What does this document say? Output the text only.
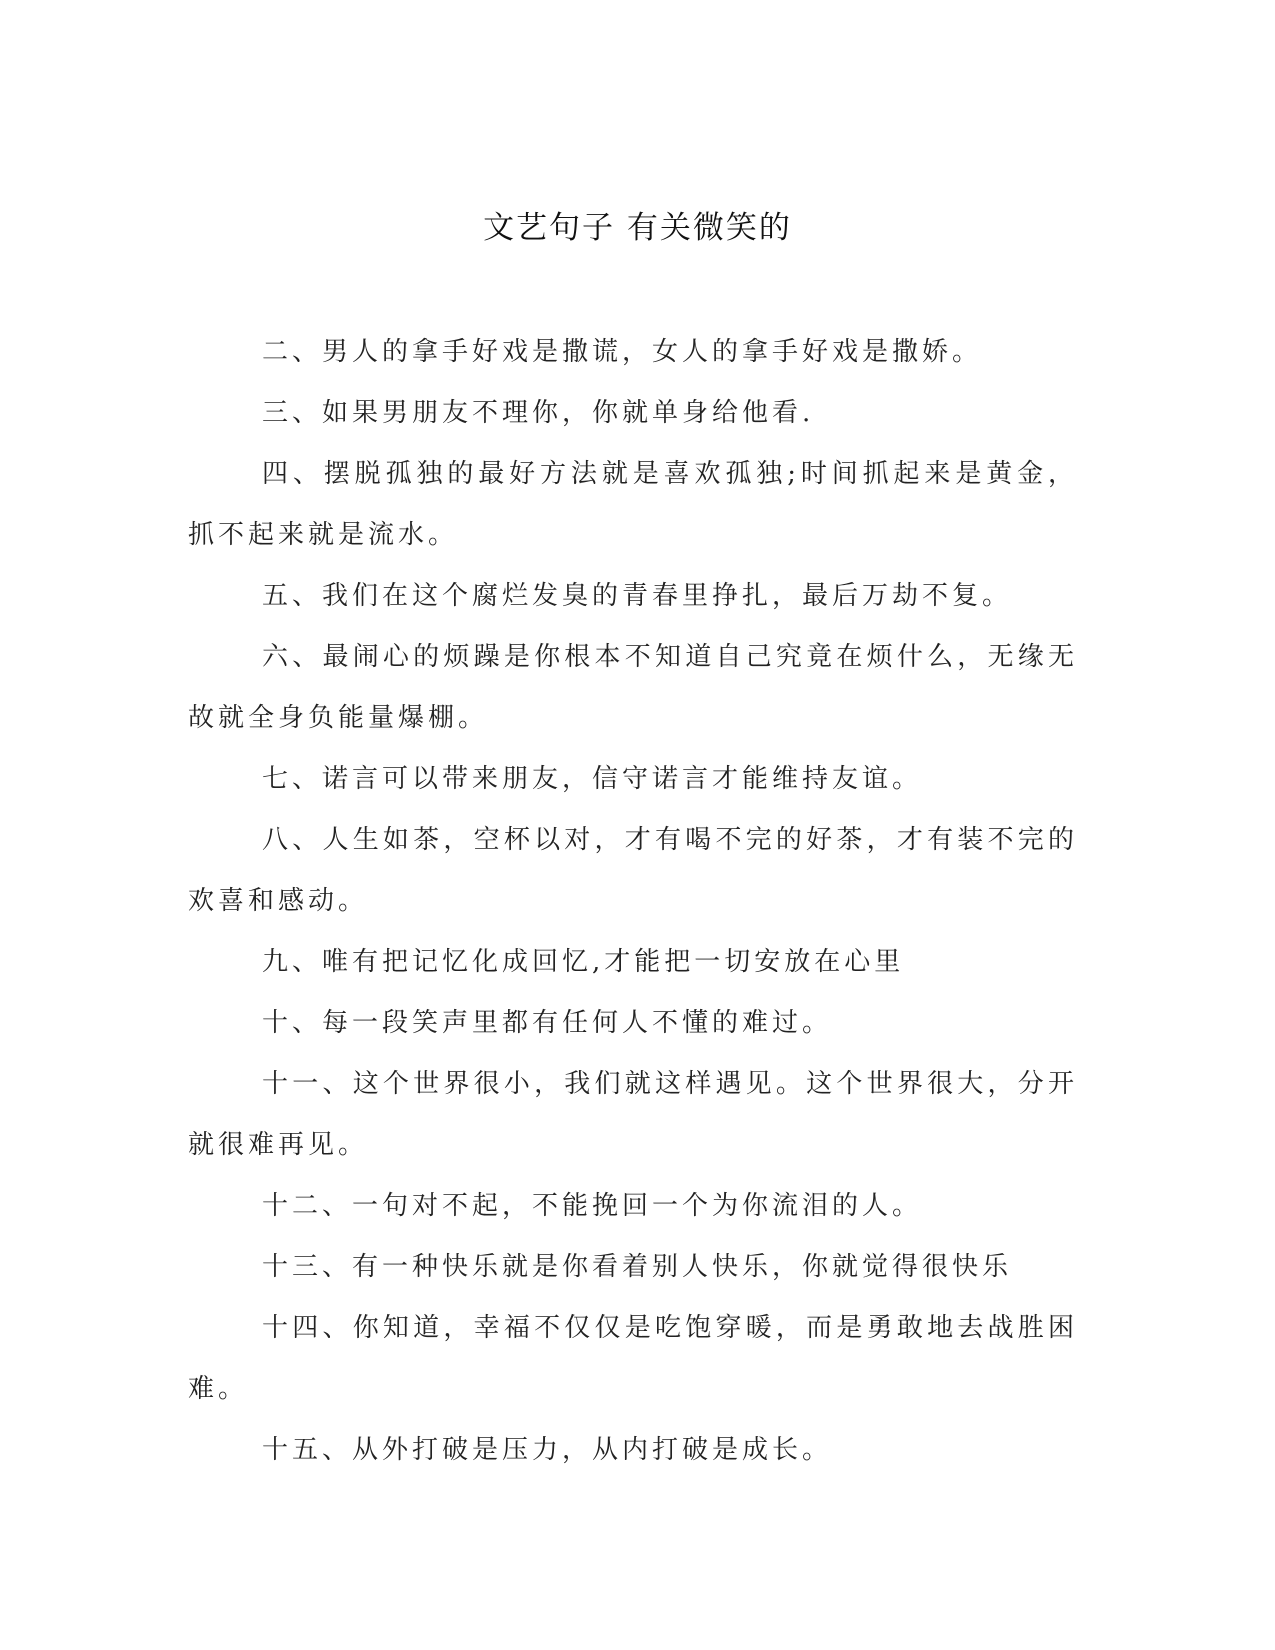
文艺句子 有关微笑的

二、男人的拿手好戏是撒谎，女人的拿手好戏是撒娇。

三、如果男朋友不理你，你就单身给他看.

四、摆脱孤独的最好方法就是喜欢孤独;时间抓起来是黄金，抓不起来就是流水。

五、我们在这个腐烂发臭的青春里挣扎，最后万劫不复。

六、最闹心的烦躁是你根本不知道自己究竟在烦什么，无缘无故就全身负能量爆棚。

七、诺言可以带来朋友，信守诺言才能维持友谊。

八、人生如茶，空杯以对，才有喝不完的好茶，才有装不完的欢喜和感动。

九、唯有把记忆化成回忆,才能把一切安放在心里

十、每一段笑声里都有任何人不懂的难过。

十一、这个世界很小，我们就这样遇见。这个世界很大，分开就很难再见。

十二、一句对不起，不能挽回一个为你流泪的人。

十三、有一种快乐就是你看着别人快乐，你就觉得很快乐

十四、你知道，幸福不仅仅是吃饱穿暖，而是勇敢地去战胜困难。

十五、从外打破是压力，从内打破是成长。
